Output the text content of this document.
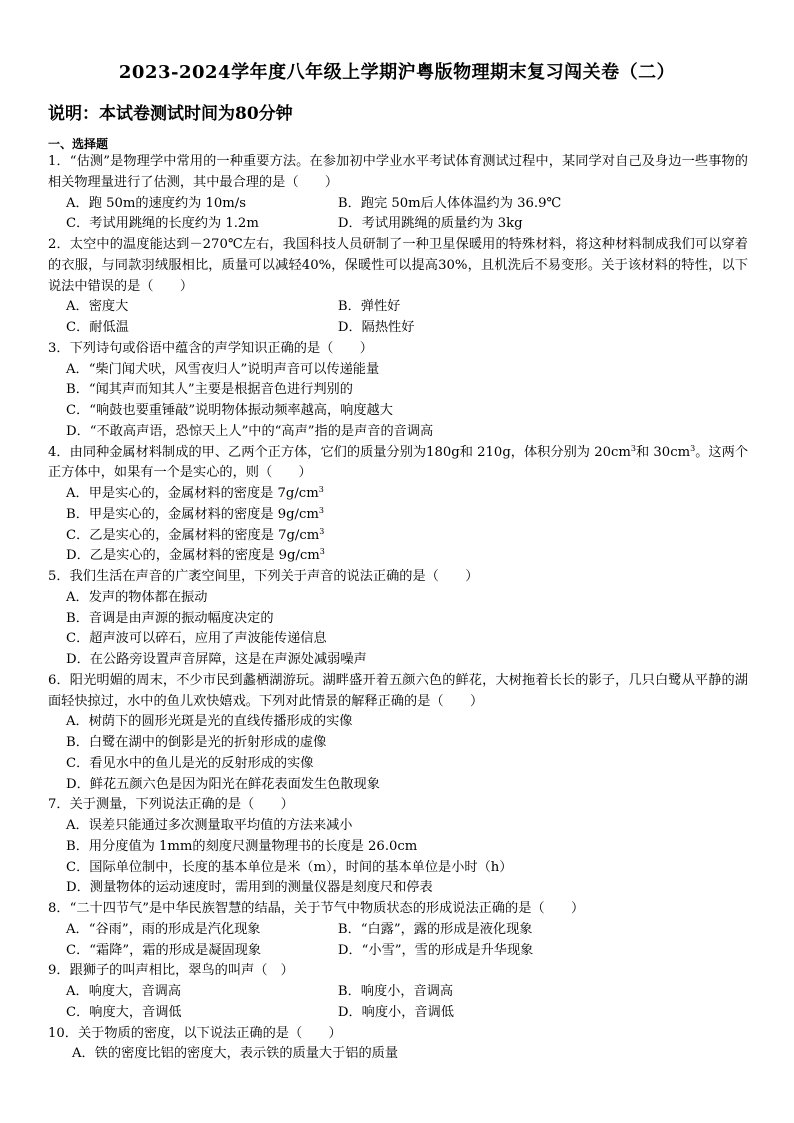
2023-2024学年度八年级上学期沪粤版物理期末复习闯关卷（二）
说明：本试卷测试时间为80分钟
一、选择题
1．“估测”是物理学中常用的一种重要方法。在参加初中学业水平考试体育测试过程中，某同学对自己及身边一些事物的相关物理量进行了估测，其中最合理的是（　　）
A．跑 50m的速度约为 10m/s	B．跑完 50m后人体体温约为 36.9℃
C．考试用跳绳的长度约为 1.2m	D．考试用跳绳的质量约为 3kg
2．太空中的温度能达到－270℃左右，我国科技人员研制了一种卫星保暖用的特殊材料，将这种材料制成我们可以穿着的衣服，与同款羽绒服相比，质量可以减轻40%，保暖性可以提高30%，且机洗后不易变形。关于该材料的特性，以下说法中错误的是（　　）
A．密度大	B．弹性好
C．耐低温	D．隔热性好
3．下列诗句或俗语中蕴含的声学知识正确的是（　　）
A．“柴门闻犬吠，风雪夜归人”说明声音可以传递能量
B．“闻其声而知其人”主要是根据音色进行判别的
C．“响鼓也要重锤敲”说明物体振动频率越高，响度越大
D．“不敢高声语，恐惊天上人”中的“高声”指的是声音的音调高
4．由同种金属材料制成的甲、乙两个正方体，它们的质量分别为180g和 210g，体积分别为 $20cm^3$和 $30cm^3$。这两个正方体中，如果有一个是实心的，则（　　）
A．甲是实心的，金属材料的密度是 $7g/cm^3$
B．甲是实心的，金属材料的密度是 $9g/cm^3$
C．乙是实心的，金属材料的密度是 $7g/cm^3$
D．乙是实心的，金属材料的密度是 $9g/cm^3$
5．我们生活在声音的广袤空间里，下列关于声音的说法正确的是（　　）
A．发声的物体都在振动
B．音调是由声源的振动幅度决定的
C．超声波可以碎石，应用了声波能传递信息
D．在公路旁设置声音屏障，这是在声源处减弱噪声
6．阳光明媚的周末，不少市民到蠡栖湖游玩。湖畔盛开着五颜六色的鲜花，大树拖着长长的影子，几只白鹭从平静的湖面轻快掠过，水中的鱼儿欢快嬉戏。下列对此情景的解释正确的是（　　）
A．树荫下的圆形光斑是光的直线传播形成的实像
B．白鹭在湖中的倒影是光的折射形成的虚像
C．看见水中的鱼儿是光的反射形成的实像
D．鲜花五颜六色是因为阳光在鲜花表面发生色散现象
7．关于测量，下列说法正确的是（　　）
A．误差只能通过多次测量取平均值的方法来减小
B．用分度值为 1mm的刻度尺测量物理书的长度是 26.0cm
C．国际单位制中，长度的基本单位是米（m），时间的基本单位是小时（h）
D．测量物体的运动速度时，需用到的测量仪器是刻度尺和停表
8．“二十四节气”是中华民族智慧的结晶，关于节气中物质状态的形成说法正确的是（　　）
A．“谷雨”，雨的形成是汽化现象	B．“白露”，露的形成是液化现象
C．“霜降”，霜的形成是凝固现象	D．“小雪”，雪的形成是升华现象
9．跟狮子的叫声相比，翠鸟的叫声（　）
A．响度大，音调高	B．响度小，音调高
C．响度大，音调低	D．响度小，音调低
10．关于物质的密度，以下说法正确的是（　　）
A．铁的密度比铝的密度大，表示铁的质量大于铝的质量
